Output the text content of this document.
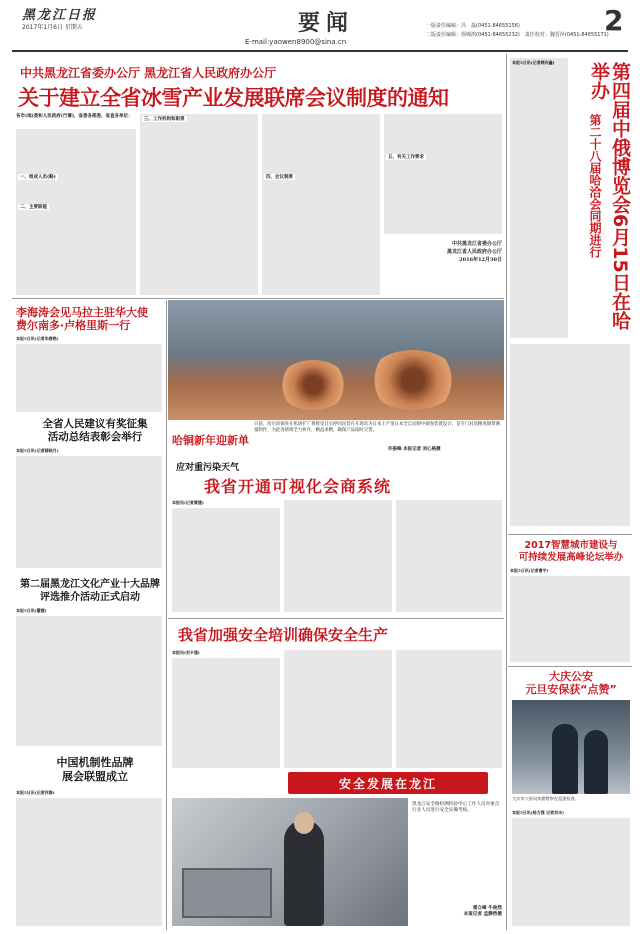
黑龙江日报
2017年1月6日 星期五	要闻
E-mail:yaowen8900@sina.cn
一版责任编辑：冯　磊(0451-84655156)
二版责任编辑：徐锦鸿(0451-84655232)　责任校对：魏晋萍(0451-84655171)
2
中共黑龙江省委办公厅 黑龙江省人民政府办公厅
关于建立全省冰雪产业发展联席会议制度的通知
各市(地)委和人民政府(行署)，省委各部委，省直各单位：
中共黑龙江省委办公厅
黑龙江省人民政府办公厅
2016年12月30日
一、组成人员(略)
二、主要职能
三、工作机构和职责
四、会议制度
五、有关工作要求	第四届中俄博览会6月15日在哈举办
第二十八届哈洽会同期进行
本报5日讯(记者韩庆鑫)
李海涛会见马拉主驻华大使
费尔南多·卢格里斯一行
本报5日讯(记者毕春艳)
全省人民建议有奖征集
活动总结表彰会举行
本报5日讯(记者薛晓月)
第二届黑龙江文化产业十大品牌
评选推介活动正式启动
本报5日讯(霍媛)
中国机制性品牌
展会联盟成立
本报5日讯(记者苏雅)
哈铜新年迎新单
日前，哈尔滨铜业在机场扩广黄接受日后停回民营在开场次为日本土产里日本全自动制中铜卷装置设计，是专门对高精度铜带测量制作，为此各班组全力协作，精益求精，确保产品按时交货。
许振峰 本报记者 刘心格摄
应对重污染天气
我省开通可视化会商系统
本报讯(记者黄建)
2017智慧城市建设与
可持续发展高峰论坛举办
本报5日讯(记者曹宇)
我省加强安全培训确保安全生产
本报讯(刘卡涵)
安全发展在龙江
黑龙江安全格检测检验中心工作人员对重点行业人员进行安全实操考核。
雷立峰 牛俊然
本报记者 孟静然摄
大庆公安
元旦安保获“点赞”
大庆市公安局执勤警察在巡逻检查。
本报5日讯(杨力强 记者刘丰)
